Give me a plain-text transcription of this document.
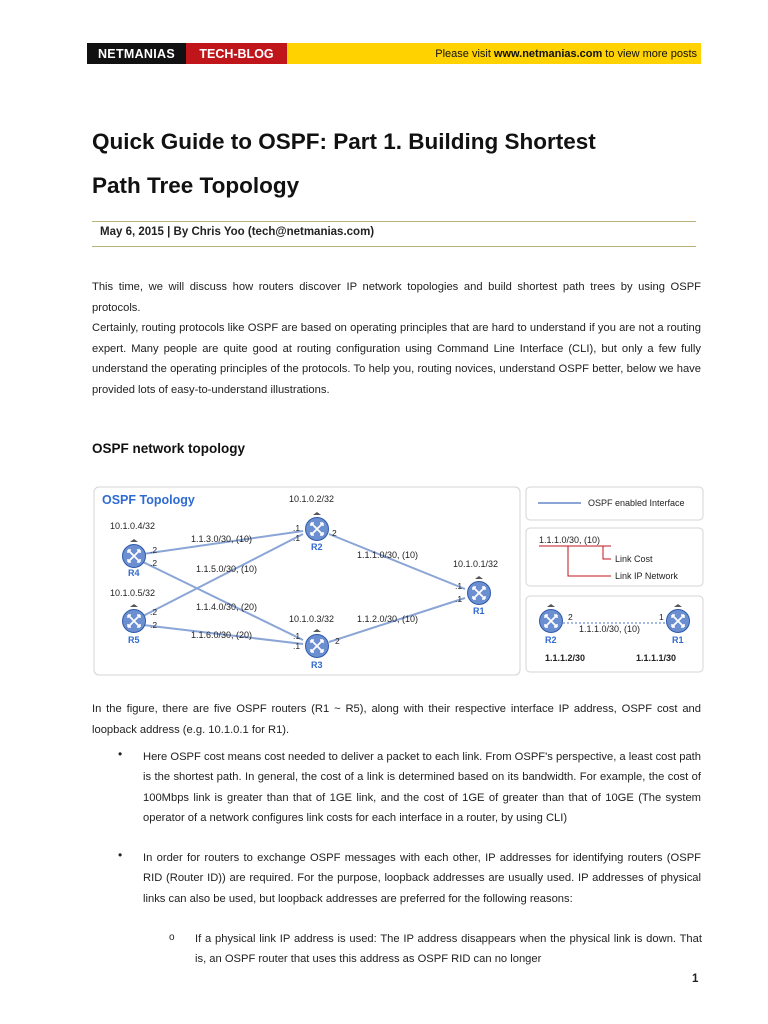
NETMANIAS	TECH-BLOG	Please visit www.netmanias.com to view more posts
Quick Guide to OSPF: Part 1. Building Shortest
Path Tree Topology
May 6, 2015 | By Chris Yoo (tech@netmanias.com)
This time, we will discuss how routers discover IP network topologies and build shortest path trees by using OSPF protocols.
Certainly, routing protocols like OSPF are based on operating principles that are hard to understand if you are not a routing expert. Many people are quite good at routing configuration using Command Line Interface (CLI), but only a few fully understand the operating principles of the protocols. To help you, routing novices, understand OSPF better, below we have provided lots of easy-to-understand illustrations.
OSPF network topology
OSPF Topology
1.1.3.0/30, (10)
1.1.5.0/30, (10)
1.1.1.0/30, (10)
1.1.4.0/30, (20)
1.1.6.0/30, (20)
1.1.2.0/30, (10)
.2
.2
.2
.2
.1
.1	2
.1
.1	2
.1
.1
10.1.0.4/32
10.1.0.5/32
10.1.0.2/32
10.1.0.3/32
10.1.0.1/32
R4
R5
R2
R3
R1
OSPF enabled Interface
1.1.1.0/30, (10)
Link Cost
Link IP Network
2	1
1.1.1.0/30, (10)
R2	R1
1.1.1.2/30	1.1.1.1/30
In the figure, there are five OSPF routers (R1 ~ R5), along with their respective interface IP address, OSPF cost and loopback address (e.g. 10.1.0.1 for R1).
• Here OSPF cost means cost needed to deliver a packet to each link. From OSPF's perspective, a least cost path is the shortest path. In general, the cost of a link is determined based on its bandwidth. For example, the cost of 100Mbps link is greater than that of 1GE link, and the cost of 1GE of greater than that of 10GE (The system operator of a network configures link costs for each interface in a router, by using CLI)
• In order for routers to exchange OSPF messages with each other, IP addresses for identifying routers (OSPF RID (Router ID)) are required. For the purpose, loopback addresses are usually used. IP addresses of physical links can also be used, but loopback addresses are preferred for the following reasons:
o If a physical link IP address is used: The IP address disappears when the physical link is down. That is, an OSPF router that uses this address as OSPF RID can no longer
1
